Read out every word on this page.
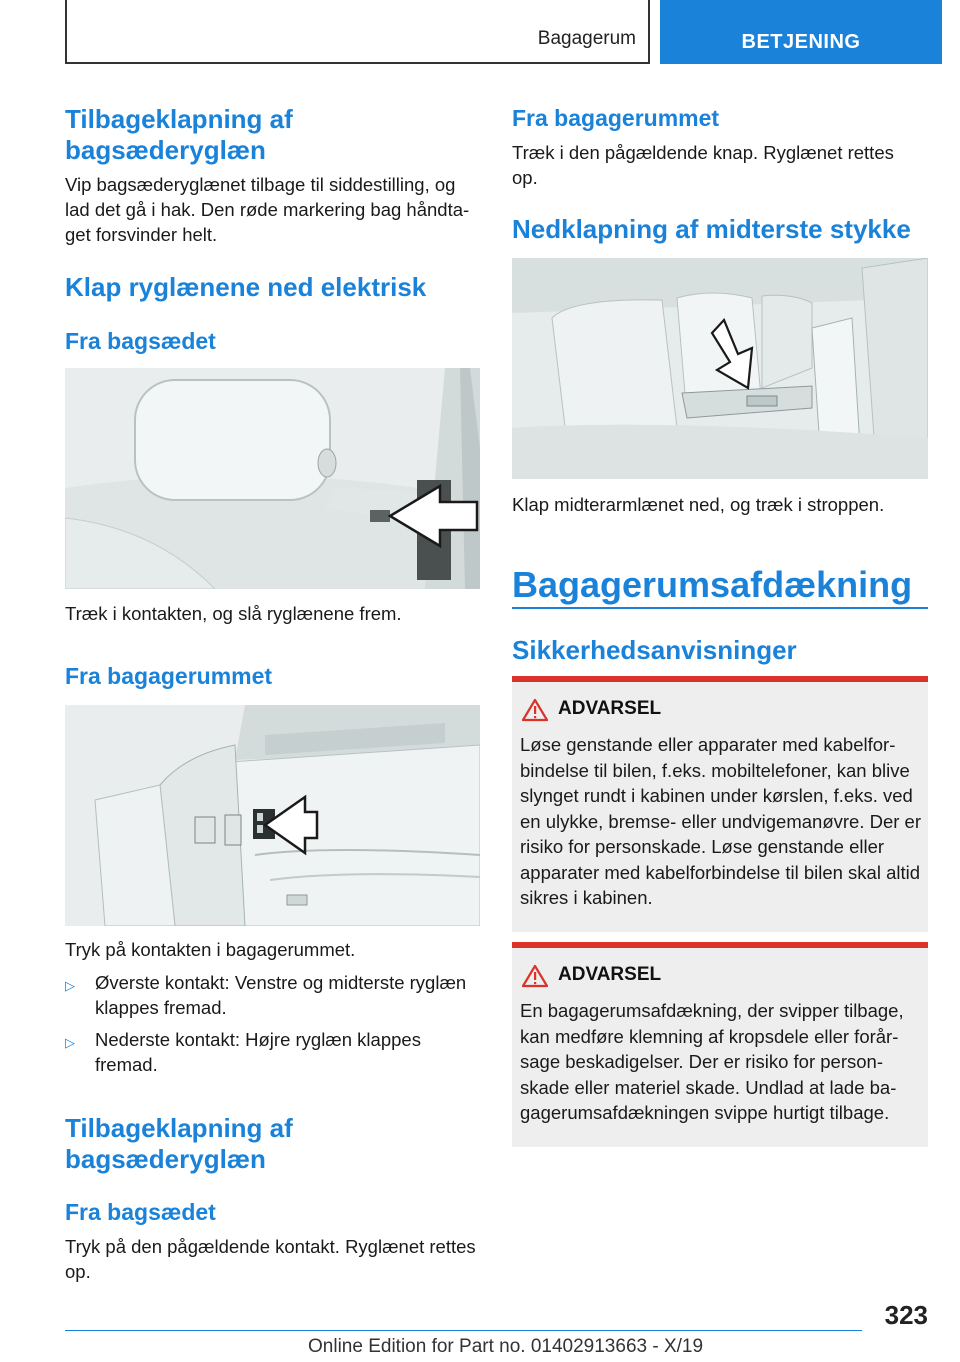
Bagagerum	BETJENING
Tilbageklapning af bagsæderyglæn
Vip bagsæderyglænet tilbage til siddestilling, og lad det gå i hak. Den røde markering bag håndtaget forsvinder helt.
Klap ryglænene ned elektrisk
Fra bagsædet
Træk i kontakten, og slå ryglænene frem.
Fra bagagerummet
Tryk på kontakten i bagagerummet.
▷ Øverste kontakt: Venstre og midterste ryglæn klappes fremad.
▷ Nederste kontakt: Højre ryglæn klappes fremad.
Tilbageklapning af bagsæderyglæn
Fra bagsædet
Tryk på den pågældende kontakt. Ryglænet rettes op.
Fra bagagerummet
Træk i den pågældende knap. Ryglænet rettes op.
Nedklapning af midterste stykke
Klap midterarmlænet ned, og træk i stroppen.
Bagagerumsafdækning
Sikkerhedsanvisninger
ADVARSEL
Løse genstande eller apparater med kabelforbindelse til bilen, f.eks. mobiltelefoner, kan blive slynget rundt i kabinen under kørslen, f.eks. ved en ulykke, bremse- eller undvigemanøvre. Der er risiko for personskade. Løse genstande eller apparater med kabelforbindelse til bilen skal altid sikres i kabinen.
ADVARSEL
En bagagerumsafdækning, der svipper tilbage, kan medføre klemning af kropsdele eller forårsage beskadigelser. Der er risiko for personskade eller materiel skade. Undlad at lade bagagerumsafdækningen svippe hurtigt tilbage.
323
Online Edition for Part no. 01402913663 - X/19
